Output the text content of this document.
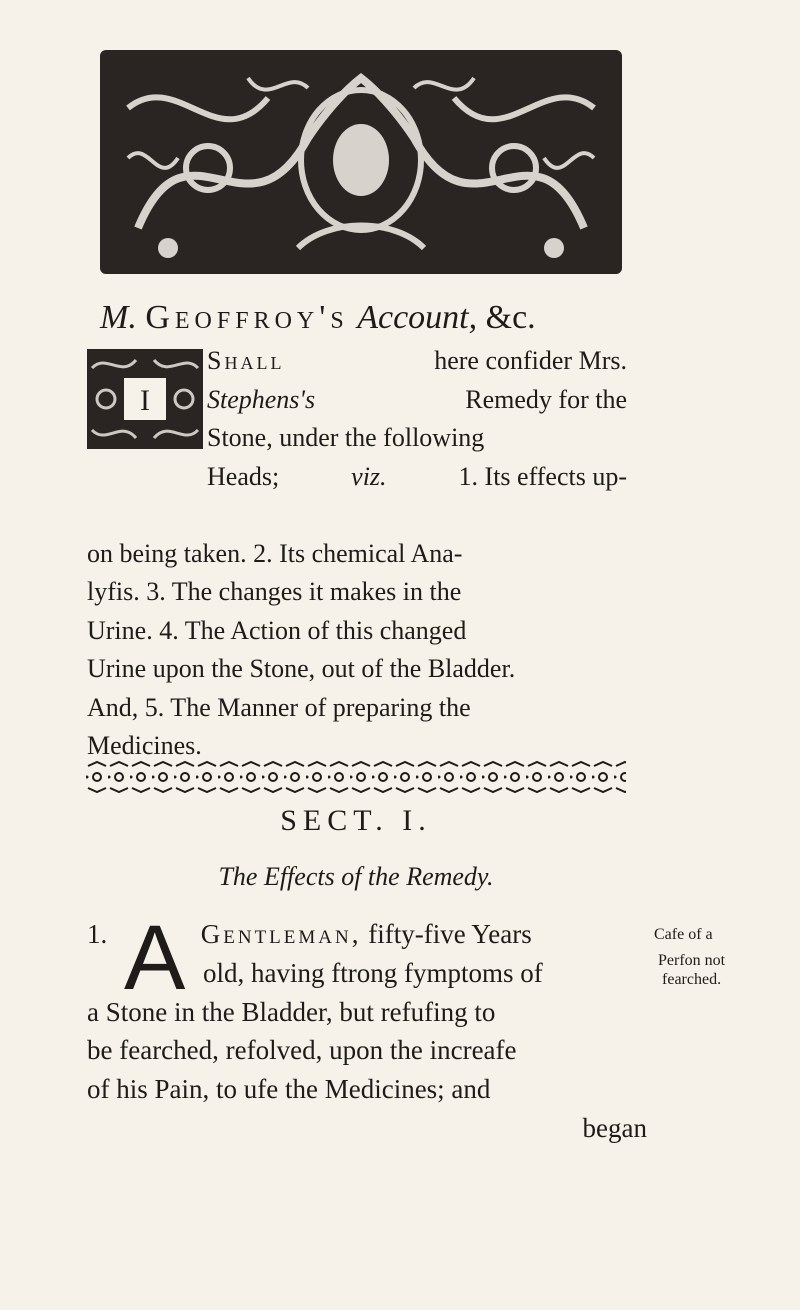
M. Geoffroy's Account, &c.
I
Shall	here confider Mrs.
Stephens's	Remedy for the
Stone, under the following
Heads;	viz.	1. Its effects up-
on being taken. 2. Its chemical Ana-
lyfis. 3. The changes it makes in the
Urine. 4. The Action of this changed
Urine upon the Stone, out of the Bladder.
And, 5. The Manner of preparing the
Medicines.
SECT. I.
The Effects of the Remedy.
A
1.	Gentleman, fifty-five Years
old, having ftrong fymptoms of
a Stone in the Bladder, but refufing to
be fearched, refolved, upon the increafe
of his Pain, to ufe the Medicines; and
began
Cafe of a
Perfon not
fearched.
